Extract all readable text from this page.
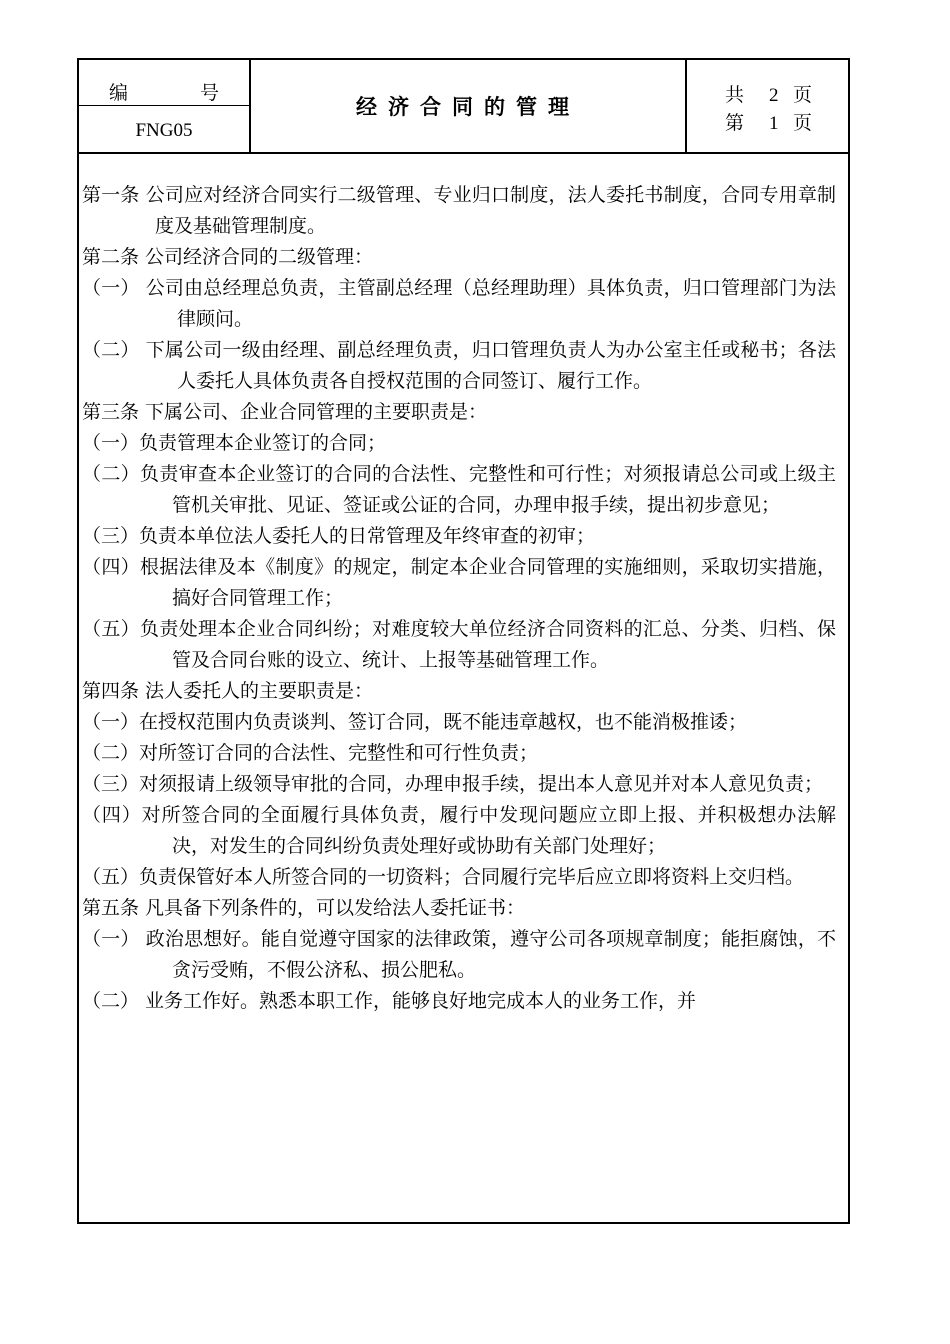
编	号
FNG05
经济合同的管理	共 2 页
第 1 页
第一条 公司应对经济合同实行二级管理、专业归口制度，法人委托书制度，合同专用章制度及基础管理制度。
第二条 公司经济合同的二级管理：
（一） 公司由总经理总负责，主管副总经理（总经理助理）具体负责，归口管理部门为法律顾问。
（二） 下属公司一级由经理、副总经理负责，归口管理负责人为办公室主任或秘书；各法人委托人具体负责各自授权范围的合同签订、履行工作。
第三条 下属公司、企业合同管理的主要职责是：
（一）负责管理本企业签订的合同；
（二）负责审查本企业签订的合同的合法性、完整性和可行性；对须报请总公司或上级主管机关审批、见证、签证或公证的合同，办理申报手续，提出初步意见；
（三）负责本单位法人委托人的日常管理及年终审查的初审；
（四）根据法律及本《制度》的规定，制定本企业合同管理的实施细则，采取切实措施，搞好合同管理工作；
（五）负责处理本企业合同纠纷；对难度较大单位经济合同资料的汇总、分类、归档、保管及合同台账的设立、统计、上报等基础管理工作。
第四条 法人委托人的主要职责是：
（一）在授权范围内负责谈判、签订合同，既不能违章越权，也不能消极推诿；
（二）对所签订合同的合法性、完整性和可行性负责；
（三）对须报请上级领导审批的合同，办理申报手续，提出本人意见并对本人意见负责；
（四）对所签合同的全面履行具体负责，履行中发现问题应立即上报、并积极想办法解决，对发生的合同纠纷负责处理好或协助有关部门处理好；
（五）负责保管好本人所签合同的一切资料；合同履行完毕后应立即将资料上交归档。
第五条 凡具备下列条件的，可以发给法人委托证书：
（一） 政治思想好。能自觉遵守国家的法律政策，遵守公司各项规章制度；能拒腐蚀，不贪污受贿，不假公济私、损公肥私。
（二） 业务工作好。熟悉本职工作，能够良好地完成本人的业务工作，并
